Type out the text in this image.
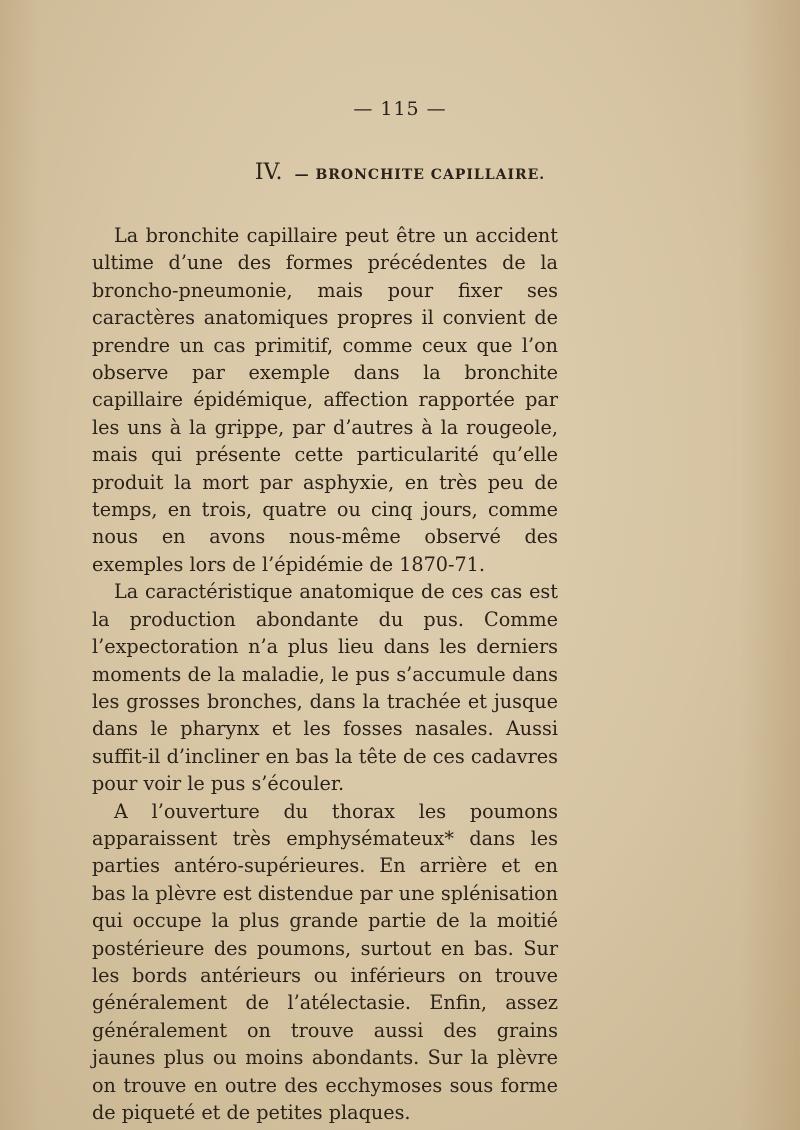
— 115 —
IV. — BRONCHITE CAPILLAIRE.

La bronchite capillaire peut être un accident ultime d’une des formes précédentes de la broncho-pneumonie, mais pour fixer ses caractères anatomiques propres il convient de prendre un cas primitif, comme ceux que l’on observe par exemple dans la bronchite capillaire épidémique, affection rapportée par les uns à la grippe, par d’autres à la rougeole, mais qui présente cette particularité qu’elle produit la mort par asphyxie, en très peu de temps, en trois, quatre ou cinq jours, comme nous en avons nous-même observé des exemples lors de l’épidémie de 1870-71.

La caractéristique anatomique de ces cas est la production abondante du pus. Comme l’expectoration n’a plus lieu dans les derniers moments de la maladie, le pus s’accumule dans les grosses bronches, dans la trachée et jusque dans le pharynx et les fosses nasales. Aussi suffit-il d’incliner en bas la tête de ces cadavres pour voir le pus s’écouler.

A l’ouverture du thorax les poumons apparaissent très emphysémateux* dans les parties antéro-supérieures. En arrière et en bas la plèvre est distendue par une splénisation qui occupe la plus grande partie de la moitié postérieure des poumons, surtout en bas. Sur les bords antérieurs ou inférieurs on trouve généralement de l’atélectasie. Enfin, assez généralement on trouve aussi des grains jaunes plus ou moins abondants. Sur la plèvre on trouve en outre des ecchymoses sous forme de piqueté et de petites plaques.
